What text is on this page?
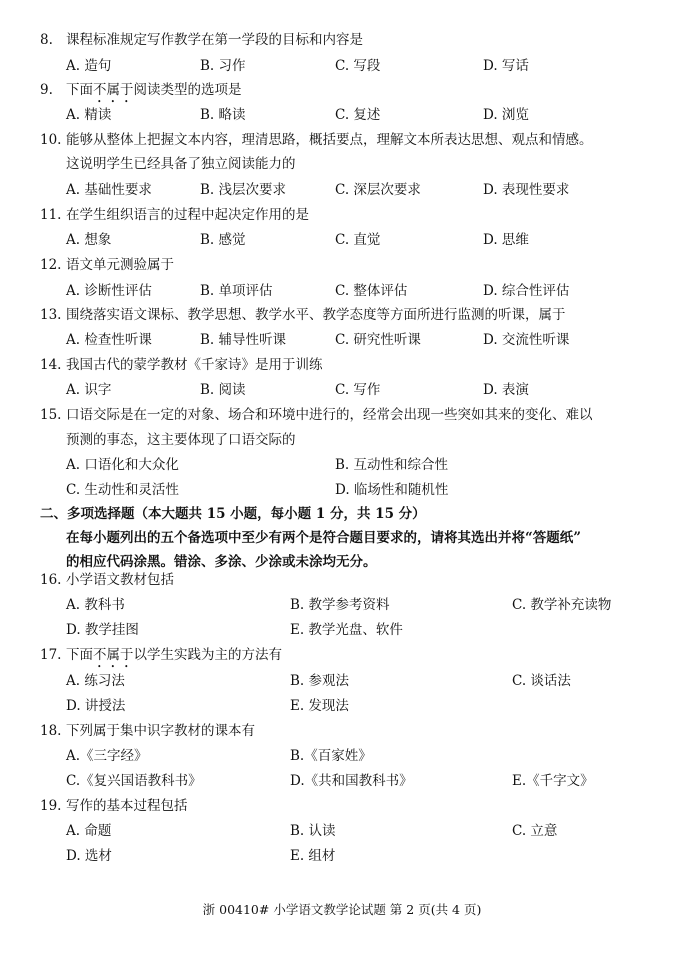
8. 课程标准规定写作教学在第一学段的目标和内容是
A. 造句	B. 习作	C. 写段	D. 写话
9. 下面不属于阅读类型的选项是
A. 精读	B. 略读	C. 复述	D. 浏览
10. 能够从整体上把握文本内容，理清思路，概括要点，理解文本所表达思想、观点和情感。
这说明学生已经具备了独立阅读能力的
A. 基础性要求	B. 浅层次要求	C. 深层次要求	D. 表现性要求
11. 在学生组织语言的过程中起决定作用的是
A. 想象	B. 感觉	C. 直觉	D. 思维
12. 语文单元测验属于
A. 诊断性评估	B. 单项评估	C. 整体评估	D. 综合性评估
13. 围绕落实语文课标、教学思想、教学水平、教学态度等方面所进行监测的听课，属于
A. 检查性听课	B. 辅导性听课	C. 研究性听课	D. 交流性听课
14. 我国古代的蒙学教材《千家诗》是用于训练
A. 识字	B. 阅读	C. 写作	D. 表演
15. 口语交际是在一定的对象、场合和环境中进行的，经常会出现一些突如其来的变化、难以
预测的事态，这主要体现了口语交际的
A. 口语化和大众化	B. 互动性和综合性
C. 生动性和灵活性	D. 临场性和随机性
二、多项选择题（本大题共 15 小题，每小题 1 分，共 15 分）
在每小题列出的五个备选项中至少有两个是符合题目要求的，请将其选出并将“答题纸”
的相应代码涂黑。错涂、多涂、少涂或未涂均无分。
16. 小学语文教材包括
A. 教科书	B. 教学参考资料	C. 教学补充读物
D. 教学挂图	E. 教学光盘、软件
17. 下面不属于以学生实践为主的方法有
A. 练习法	B. 参观法	C. 谈话法
D. 讲授法	E. 发现法
18. 下列属于集中识字教材的课本有
A.《三字经》	B.《百家姓》
C.《复兴国语教科书》	D.《共和国教科书》	E.《千字文》
19. 写作的基本过程包括
A. 命题	B. 认读	C. 立意
D. 选材	E. 组材
浙 00410# 小学语文教学论试题 第 2 页(共 4 页)
